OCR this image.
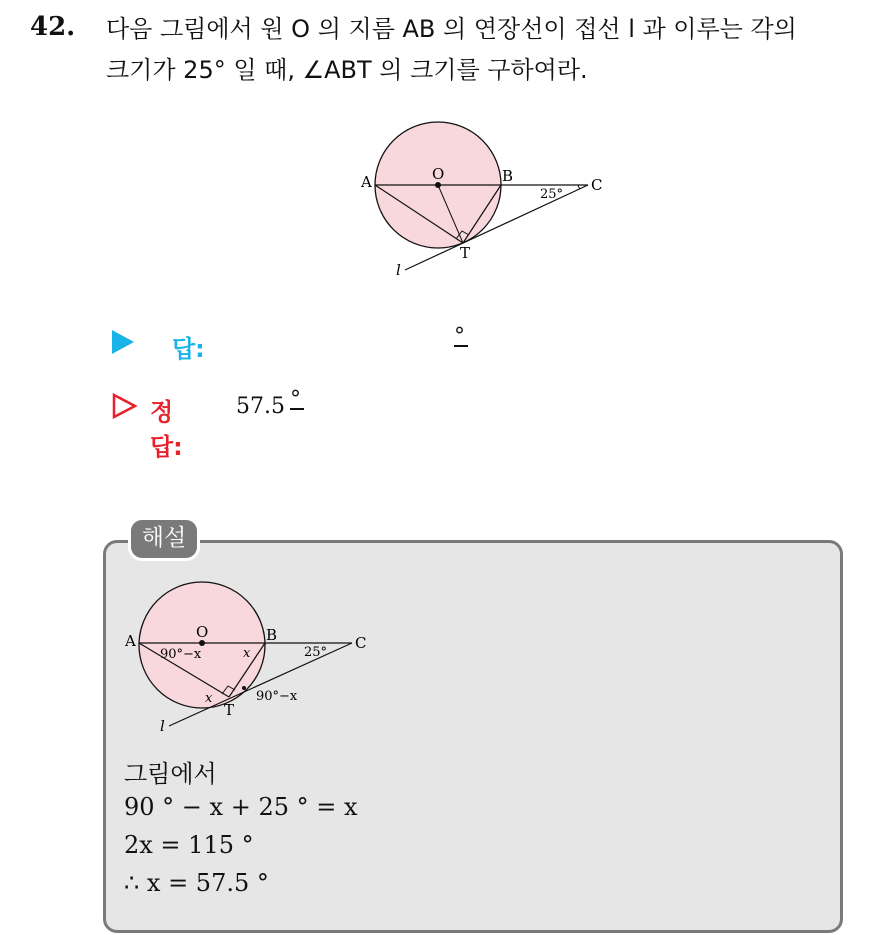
42. 다음 그림에서 원 O 의 지름 AB 의 연장선이 접선 l 과 이루는 각의
크기가 25° 일 때, ∠ABT 의 크기를 구하여라.
A	O	B	C
T
l
25°
답:	°
정답:
57.5 °
해설
A	O	B	C
T
l
90°−x	x	25°
x	90°−x
그림에서
90 ° − x + 25 ° = x
2x = 115 °
∴ x = 57.5 °
